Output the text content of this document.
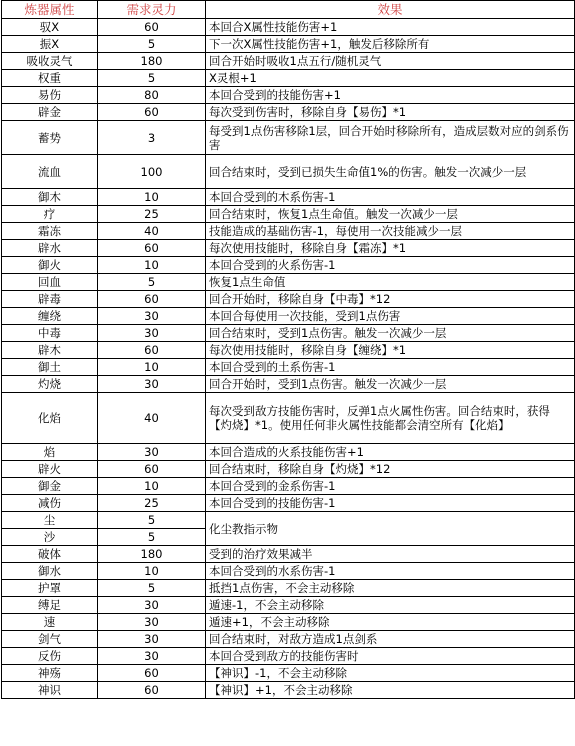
炼器属性	需求灵力	效果
驭X	60	本回合X属性技能伤害+1
振X	5	下一次X属性技能伤害+1，触发后移除所有
吸收灵气	180	回合开始时吸收1点五行/随机灵气
权重	5	X灵根+1
易伤	80	本回合受到的技能伤害+1
辟金	60	每次受到伤害时，移除自身【易伤】*1
蓄势	3	每受到1点伤害移除1层，回合开始时移除所有，造成层数对应的剑系伤害
流血	100	回合结束时，受到已损失生命值1%的伤害。触发一次减少一层
御木	10	本回合受到的木系伤害-1
疗	25	回合结束时，恢复1点生命值。触发一次减少一层
霜冻	40	技能造成的基础伤害-1，每使用一次技能减少一层
辟水	60	每次使用技能时，移除自身【霜冻】*1
御火	10	本回合受到的火系伤害-1
回血	5	恢复1点生命值
辟毒	60	回合开始时，移除自身【中毒】*12
缠绕	30	本回合每使用一次技能，受到1点伤害
中毒	30	回合结束时，受到1点伤害。触发一次减少一层
辟木	60	每次使用技能时，移除自身【缠绕】*1
御土	10	本回合受到的土系伤害-1
灼烧	30	回合开始时，受到1点伤害。触发一次减少一层
化焰	40	每次受到敌方技能伤害时，反弹1点火属性伤害。回合结束时，获得【灼烧】*1。使用任何非火属性技能都会清空所有【化焰】
焰	30	本回合造成的火系技能伤害+1
辟火	60	回合结束时，移除自身【灼烧】*12
御金	10	本回合受到的金系伤害-1
减伤	25	本回合受到的技能伤害-1
尘	5	化尘教指示物
沙	5	
破体	180	受到的治疗效果减半
御水	10	本回合受到的水系伤害-1
护罩	5	抵挡1点伤害，不会主动移除
缚足	30	遁速-1，不会主动移除
速	30	遁速+1，不会主动移除
剑气	30	回合结束时，对敌方造成1点剑系
反伤	30	本回合受到敌方的技能伤害时
神殇	60	【神识】-1，不会主动移除
神识	60	【神识】+1，不会主动移除
